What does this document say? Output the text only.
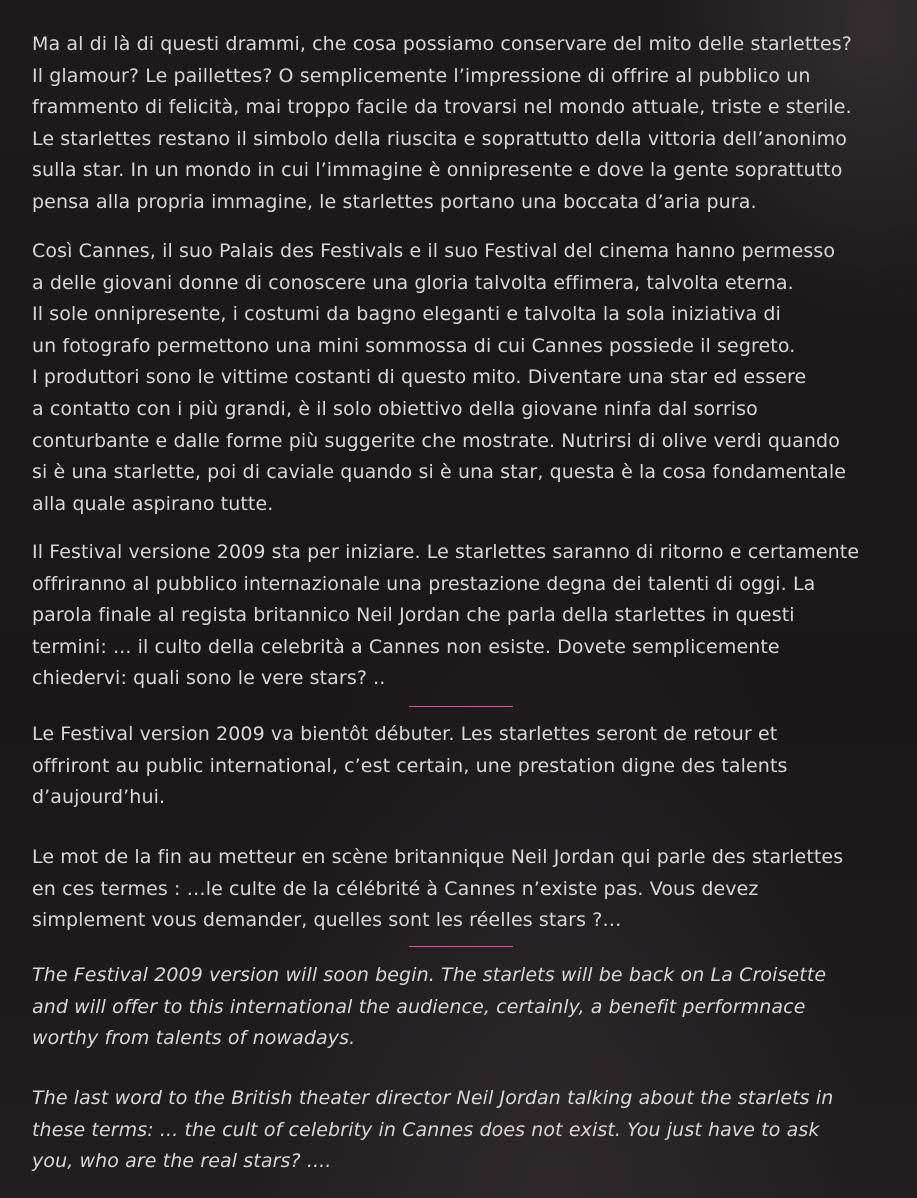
Ma al di là di questi drammi, che cosa possiamo conservare del mito delle starlettes?
Il glamour? Le paillettes? O semplicemente l’impressione di offrire al pubblico un
frammento di felicità, mai troppo facile da trovarsi nel mondo attuale, triste e sterile.
Le starlettes restano il simbolo della riuscita e soprattutto della vittoria dell’anonimo
sulla star. In un mondo in cui l’immagine è onnipresente e dove la gente soprattutto
pensa alla propria immagine, le starlettes portano una boccata d’aria pura.

Così Cannes, il suo Palais des Festivals e il suo Festival del cinema hanno permesso
a delle giovani donne di conoscere una gloria talvolta effimera, talvolta eterna.
Il sole onnipresente, i costumi da bagno eleganti e talvolta la sola iniziativa di
un fotografo permettono una mini sommossa di cui Cannes possiede il segreto.
I produttori sono le vittime costanti di questo mito. Diventare una star ed essere
a contatto con i più grandi, è il solo obiettivo della giovane ninfa dal sorriso
conturbante e dalle forme più suggerite che mostrate. Nutrirsi di olive verdi quando
si è una starlette, poi di caviale quando si è una star, questa è la cosa fondamentale
alla quale aspirano tutte.

Il Festival versione 2009 sta per iniziare. Le starlettes saranno di ritorno e certamente
offriranno al pubblico internazionale una prestazione degna dei talenti di oggi. La
parola finale al regista britannico Neil Jordan che parla della starlettes in questi
termini: ... il culto della celebrità a Cannes non esiste. Dovete semplicemente
chiedervi: quali sono le vere stars? ..

Le Festival version 2009 va bientôt débuter. Les starlettes seront de retour et
offriront au public international, c’est certain, une prestation digne des talents
d’aujourd’hui.

Le mot de la fin au metteur en scène britannique Neil Jordan qui parle des starlettes
en ces termes : …le culte de la célébrité à Cannes n’existe pas. Vous devez
simplement vous demander, quelles sont les réelles stars ?…

The Festival 2009 version will soon begin. The starlets will be back on La Croisette
and will offer to this international the audience, certainly, a benefit performnace
worthy from talents of nowadays.

The last word to the British theater director Neil Jordan talking about the starlets in
these terms: ... the cult of celebrity in Cannes does not exist. You just have to ask
you, who are the real stars? ....
